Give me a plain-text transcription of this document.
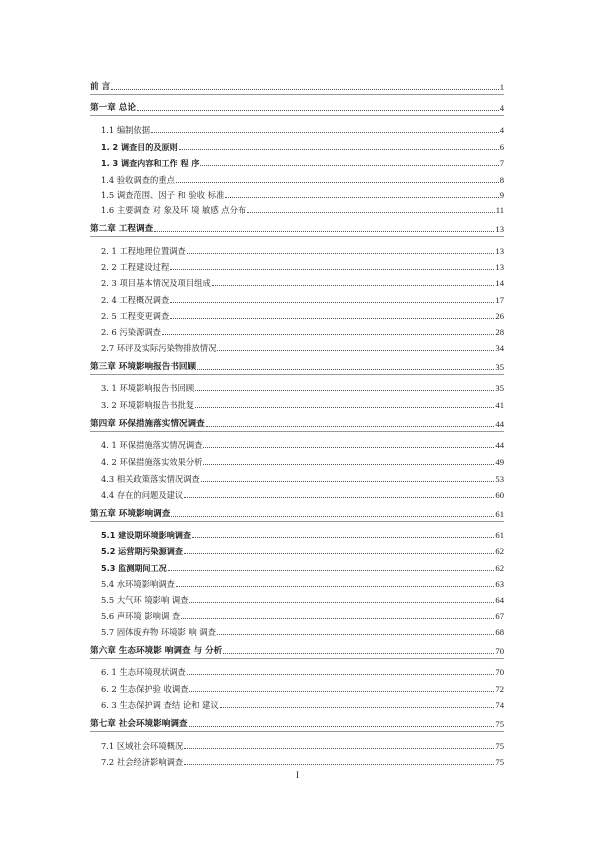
前 言	1
第一章 总论	4
1.1 编制依据	4
1. 2 调查目的及原则	6
1. 3 调查内容和工作 程 序	7
1.4 验收调查的重点	8
1.5 调查范围、因子 和 验收 标准	9
1.6 主要调查 对 象及环 境 敏感 点分布	11
第二章 工程调查	13
2. 1 工程地理位置调查	13
2. 2 工程建设过程	13
2. 3 项目基本情况及项目组成	14
2. 4 工程概况调查	17
2. 5 工程变更调查	26
2. 6 污染源调查	28
2.7 环评及实际污染物排放情况	34
第三章 环境影响报告书回顾	35
3. 1 环境影响报告书回顾	35
3. 2 环境影响报告书批复	41
第四章 环保措施落实情况调查	44
4. 1 环保措施落实情况调查	44
4. 2 环保措施落实效果分析	49
4.3 相关政策落实情况调查	53
4.4 存在的问题及建议	60
第五章 环境影响调查	61
5.1 建设期环境影响调查	61
5.2 运营期污染源调查	62
5.3 监测期间工况	62
5.4 水环境影响调查	63
5.5 大气环 境影响 调查	64
5.6 声环境 影响调 查	67
5.7 固体废弃物 环境影 响 调查	68
第六章 生态环境影 响调查 与 分析	70
6. 1 生态环境现状调查	70
6. 2 生态保护验 收调查	72
6. 3 生态保护调 查结 论和 建议	74
第七章 社会环境影响调查	75
7.1 区域社会环境概况	75
7.2 社会经济影响调查	75
I
